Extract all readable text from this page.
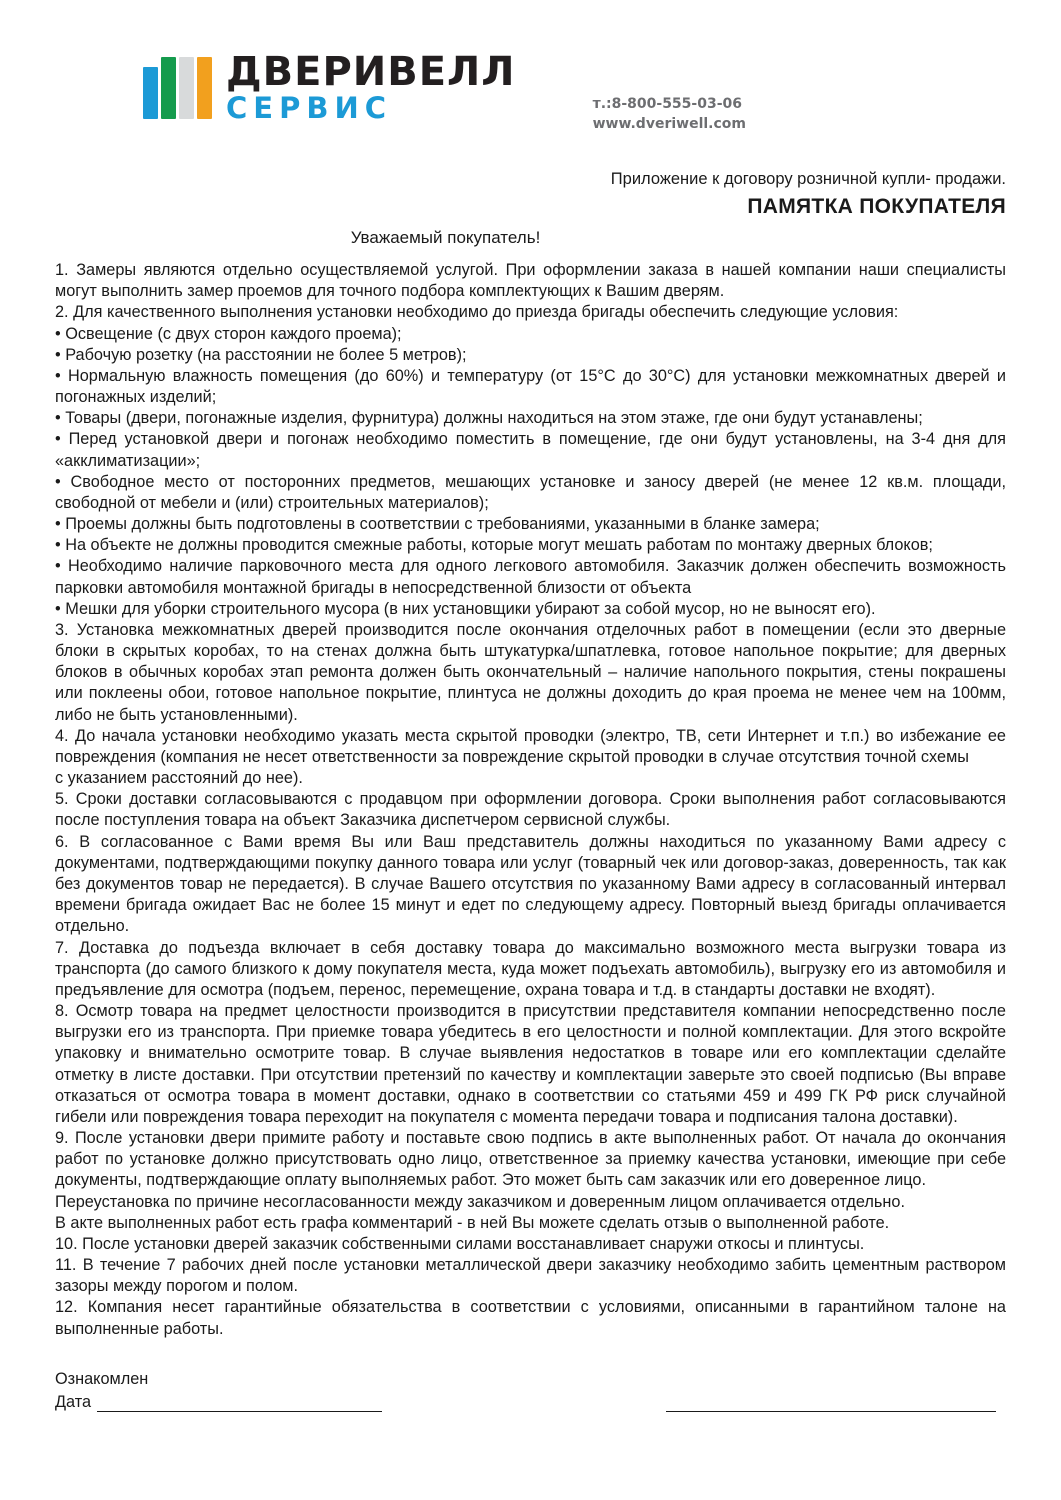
ДВЕРИВЕЛЛ
СЕРВИС	т.:8-800-555-03-06
www.dveriwell.com
Приложение к договору розничной купли- продажи.
ПАМЯТКА ПОКУПАТЕЛЯ
Уважаемый покупатель!

1. Замеры являются отдельно осуществляемой услугой. При оформлении заказа в нашей компании наши специалисты могут выполнить замер проемов для точного подбора комплектующих к Вашим дверям.

2. Для качественного выполнения установки необходимо до приезда бригады обеспечить следующие условия:

• Освещение (с двух сторон каждого проема);

• Рабочую розетку (на расстоянии не более 5 метров);

• Нормальную влажность помещения (до 60%) и температуру (от 15°С до 30°С) для установки межкомнатных дверей и погонажных изделий;

• Товары (двери, погонажные изделия, фурнитура) должны находиться на этом этаже, где они будут устанавлены;

• Перед установкой двери и погонаж необходимо поместить в помещение, где они будут установлены, на 3-4 дня для «акклиматизации»;

• Свободное место от посторонних предметов, мешающих установке и заносу дверей (не менее 12 кв.м. площади, свободной от мебели и (или) строительных материалов);

• Проемы должны быть подготовлены в соответствии с требованиями, указанными в бланке замера;

• На объекте не должны проводится смежные работы, которые могут мешать работам по монтажу дверных блоков;

• Необходимо наличие парковочного места для одного легкового автомобиля. Заказчик должен обеспечить возможность парковки автомобиля монтажной бригады в непосредственной близости от объекта

• Мешки для уборки строительного мусора (в них установщики убирают за собой мусор, но не выносят его).

3. Установка межкомнатных дверей производится после окончания отделочных работ в помещении (если это дверные блоки в скрытых коробах, то на стенах должна быть штукатурка/шпатлевка, готовое напольное покрытие; для дверных блоков в обычных коробах этап ремонта должен быть окончательный – наличие напольного покрытия, стены покрашены или поклеены обои, готовое напольное покрытие, плинтуса не должны доходить до края проема не менее чем на 100мм, либо не быть установленными).

4. До начала установки необходимо указать места скрытой проводки (электро, ТВ, сети Интернет и т.п.) во избежание ее повреждения (компания не несет ответственности за повреждение скрытой проводки в случае отсутствия точной схемы

с указанием расстояний до нее).

5. Сроки доставки согласовываются с продавцом при оформлении договора. Сроки выполнения работ согласовываются после поступления товара на объект Заказчика диспетчером сервисной службы.

6. В согласованное с Вами время Вы или Ваш представитель должны находиться по указанному Вами адресу с документами, подтверждающими покупку данного товара или услуг (товарный чек или договор-заказ, доверенность, так как без документов товар не передается). В случае Вашего отсутствия по указанному Вами адресу в согласованный интервал времени бригада ожидает Вас не более 15 минут и едет по следующему адресу. Повторный выезд бригады оплачивается отдельно.

7. Доставка до подъезда включает в себя доставку товара до максимально возможного места выгрузки товара из транспорта (до самого близкого к дому покупателя места, куда может подъехать автомобиль), выгрузку его из автомобиля и предъявление для осмотра (подъем, перенос, перемещение, охрана товара и т.д. в стандарты доставки не входят).

8. Осмотр товара на предмет целостности производится в присутствии представителя компании непосредственно после выгрузки его из транспорта. При приемке товара убедитесь в его целостности и полной комплектации. Для этого вскройте упаковку и внимательно осмотрите товар. В случае выявления недостатков в товаре или его комплектации сделайте отметку в листе доставки. При отсутствии претензий по качеству и комплектации заверьте это своей подписью (Вы вправе отказаться от осмотра товара в момент доставки, однако в соответствии со статьями 459 и 499 ГК РФ риск случайной гибели или повреждения товара переходит на покупателя с момента передачи товара и подписания талона доставки).

9. После установки двери примите работу и поставьте свою подпись в акте выполненных работ. От начала до окончания работ по установке должно присутствовать одно лицо, ответственное за приемку качества установки, имеющие при себе документы, подтверждающие оплату выполняемых работ. Это может быть сам заказчик или его доверенное лицо.

Переустановка по причине несогласованности между заказчиком и доверенным лицом оплачивается отдельно.

В акте выполненных работ есть графа комментарий - в ней Вы можете сделать отзыв о выполненной работе.

10. После установки дверей заказчик собственными силами восстанавливает снаружи откосы и плинтусы.

11. В течение 7 рабочих дней после установки металлической двери заказчику необходимо забить цементным раствором зазоры между порогом и полом.

12. Компания несет гарантийные обязательства в соответствии с условиями, описанными в гарантийном талоне на выполненные работы.

Ознакомлен
Дата
